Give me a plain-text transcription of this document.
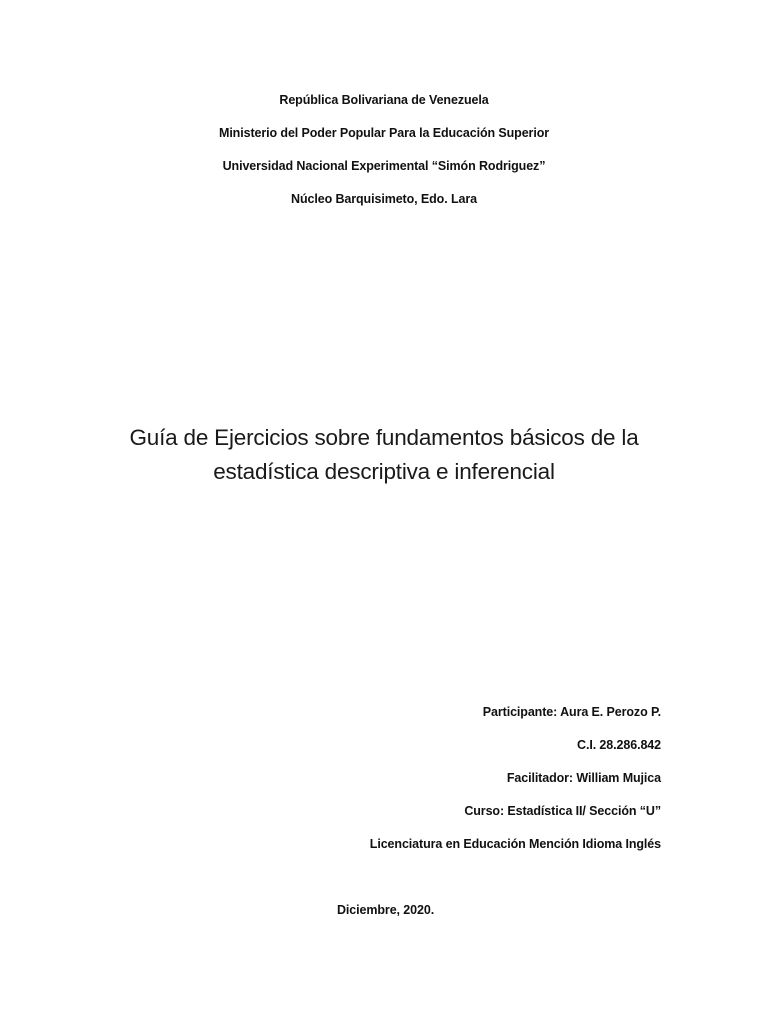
República Bolivariana de Venezuela
Ministerio del Poder Popular Para la Educación Superior
Universidad Nacional Experimental “Simón Rodriguez”
Núcleo Barquisimeto, Edo. Lara
Guía de Ejercicios sobre fundamentos básicos de la
estadística descriptiva e inferencial
Participante: Aura E. Perozo P.
C.I. 28.286.842
Facilitador: William Mujica
Curso: Estadística II/ Sección “U”
Licenciatura en Educación Mención Idioma Inglés
Diciembre, 2020.
